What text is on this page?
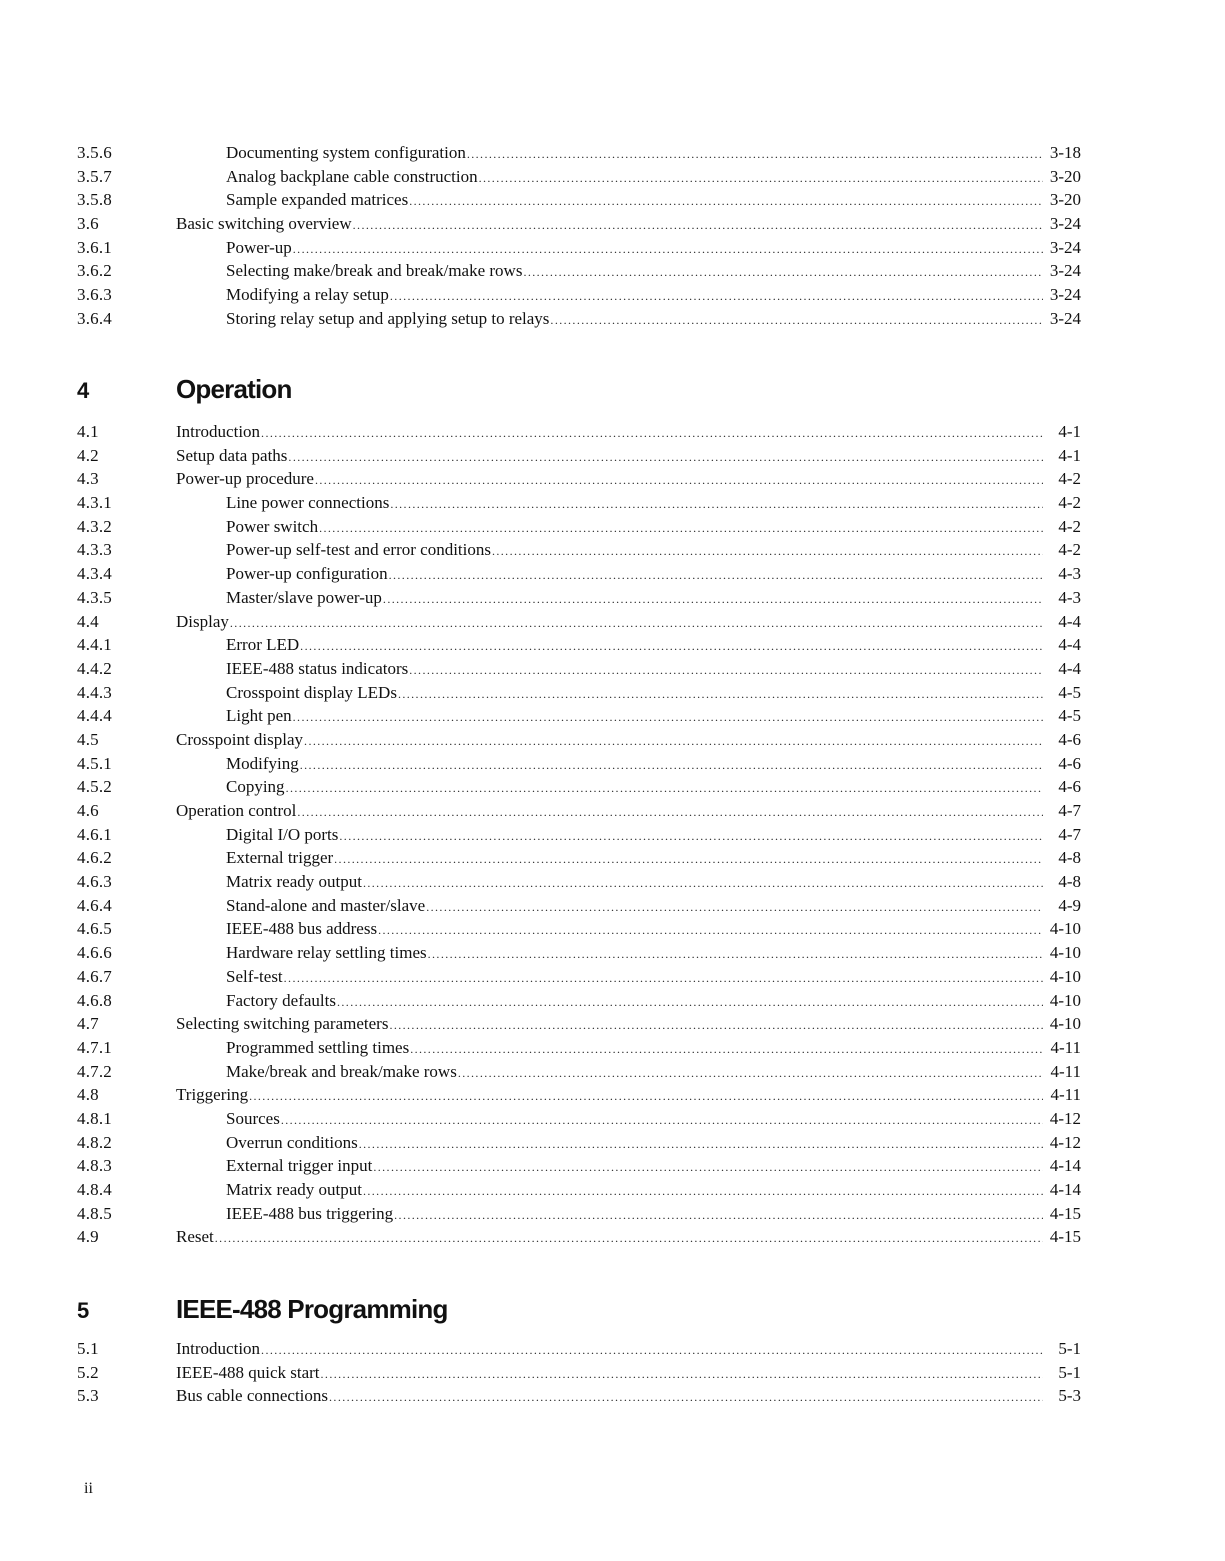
3.5.6	Documenting system configuration .....	3-18
3.5.7	Analog backplane cable construction .....	3-20
3.5.8	Sample expanded matrices .....	3-20
3.6	Basic switching overview .....	3-24
3.6.1	Power-up .....	3-24
3.6.2	Selecting make/break and break/make rows .....	3-24
3.6.3	Modifying a relay setup .....	3-24
3.6.4	Storing relay setup and applying setup to relays .....	3-24
4	Operation
4.1	Introduction .....	4-1
4.2	Setup data paths .....	4-1
4.3	Power-up procedure .....	4-2
4.3.1	Line power connections .....	4-2
4.3.2	Power switch .....	4-2
4.3.3	Power-up self-test and error conditions .....	4-2
4.3.4	Power-up configuration .....	4-3
4.3.5	Master/slave power-up .....	4-3
4.4	Display .....	4-4
4.4.1	Error LED .....	4-4
4.4.2	IEEE-488 status indicators .....	4-4
4.4.3	Crosspoint display LEDs .....	4-5
4.4.4	Light pen .....	4-5
4.5	Crosspoint display .....	4-6
4.5.1	Modifying .....	4-6
4.5.2	Copying .....	4-6
4.6	Operation control .....	4-7
4.6.1	Digital I/O ports .....	4-7
4.6.2	External trigger .....	4-8
4.6.3	Matrix ready output .....	4-8
4.6.4	Stand-alone and master/slave .....	4-9
4.6.5	IEEE-488 bus address .....	4-10
4.6.6	Hardware relay settling times .....	4-10
4.6.7	Self-test .....	4-10
4.6.8	Factory defaults .....	4-10
4.7	Selecting switching parameters .....	4-10
4.7.1	Programmed settling times .....	4-11
4.7.2	Make/break and break/make rows .....	4-11
4.8	Triggering .....	4-11
4.8.1	Sources .....	4-12
4.8.2	Overrun conditions .....	4-12
4.8.3	External trigger input .....	4-14
4.8.4	Matrix ready output .....	4-14
4.8.5	IEEE-488 bus triggering .....	4-15
4.9	Reset .....	4-15
5	IEEE-488 Programming
5.1	Introduction .....	5-1
5.2	IEEE-488 quick start .....	5-1
5.3	Bus cable connections .....	5-3
ii
